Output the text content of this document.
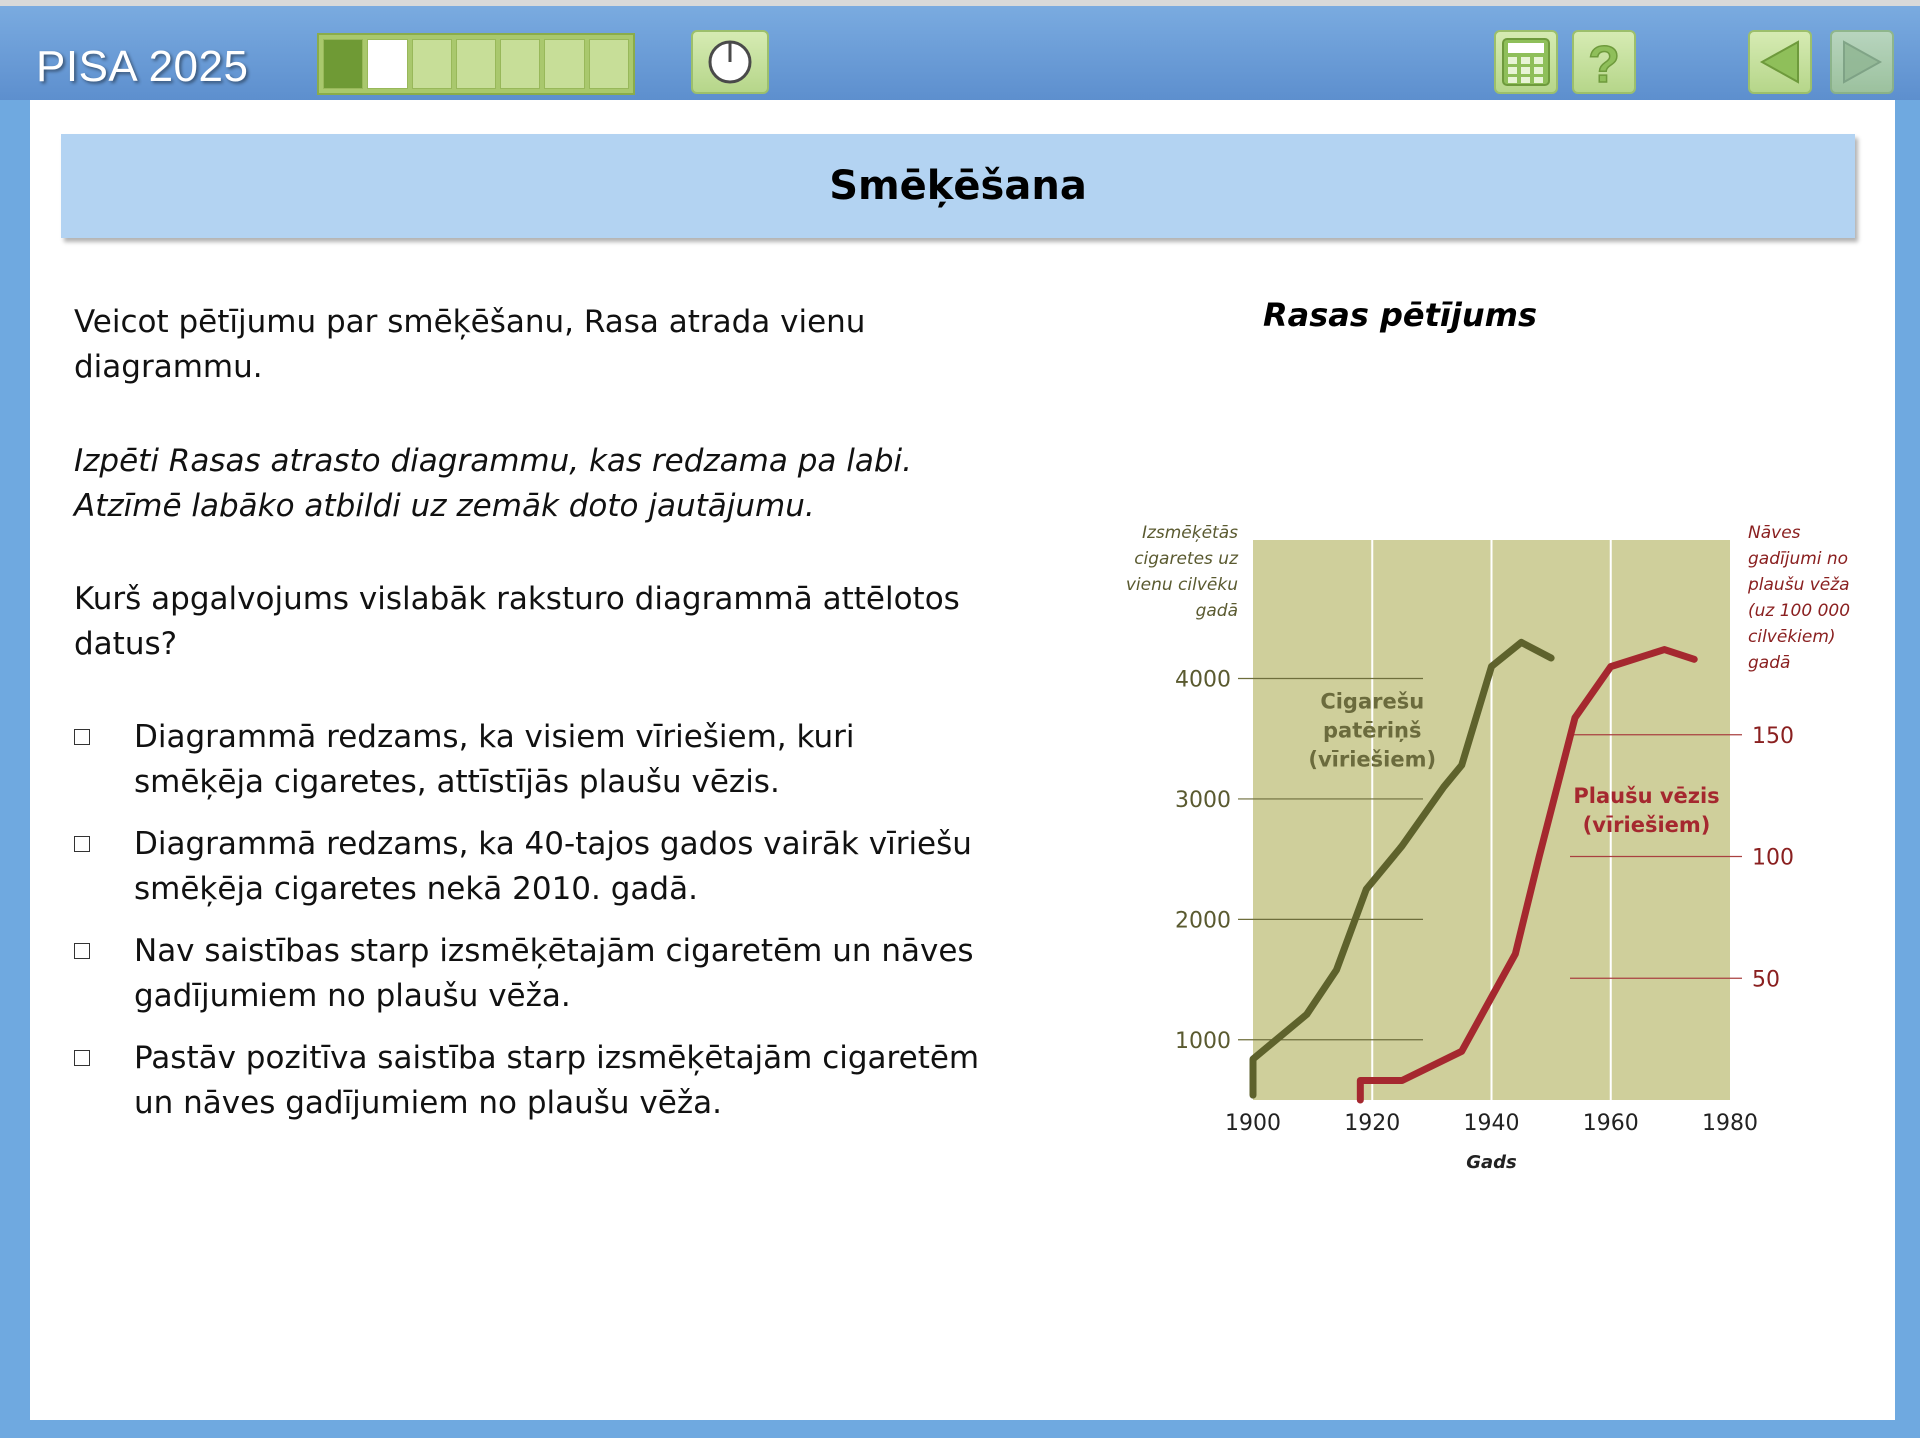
PISA 2025	?
Smēķēšana
Veicot pētījumu par smēķēšanu, Rasa atrada vienu diagrammu.
Izpēti Rasas atrasto diagrammu, kas redzama pa labi.
Atzīmē labāko atbildi uz zemāk doto jautājumu.
Kurš apgalvojums vislabāk raksturo diagrammā attēlotos datus?
Diagrammā redzams, ka visiem vīriešiem, kuri smēķēja cigaretes, attīstījās plaušu vēzis.
Diagrammā redzams, ka 40-tajos gados vairāk vīriešu smēķēja cigaretes nekā 2010. gadā.
Nav saistības starp izsmēķētajām cigaretēm un nāves gadījumiem no plaušu vēža.
Pastāv pozitīva saistība starp izsmēķētajām cigaretēm un nāves gadījumiem no plaušu vēža.
Rasas pētījums
1000
2000
3000
4000
50
100
150
1900	1920	1940	1960	1980
Gads
Izsmēķētās
cigaretes uz
vienu cilvēku
gadā
Nāves
gadījumi no
plaušu vēža
(uz 100 000
cilvēkiem)
gadā
Cigarešu
patēriņš
(vīriešiem)
Plaušu vēzis
(vīriešiem)
